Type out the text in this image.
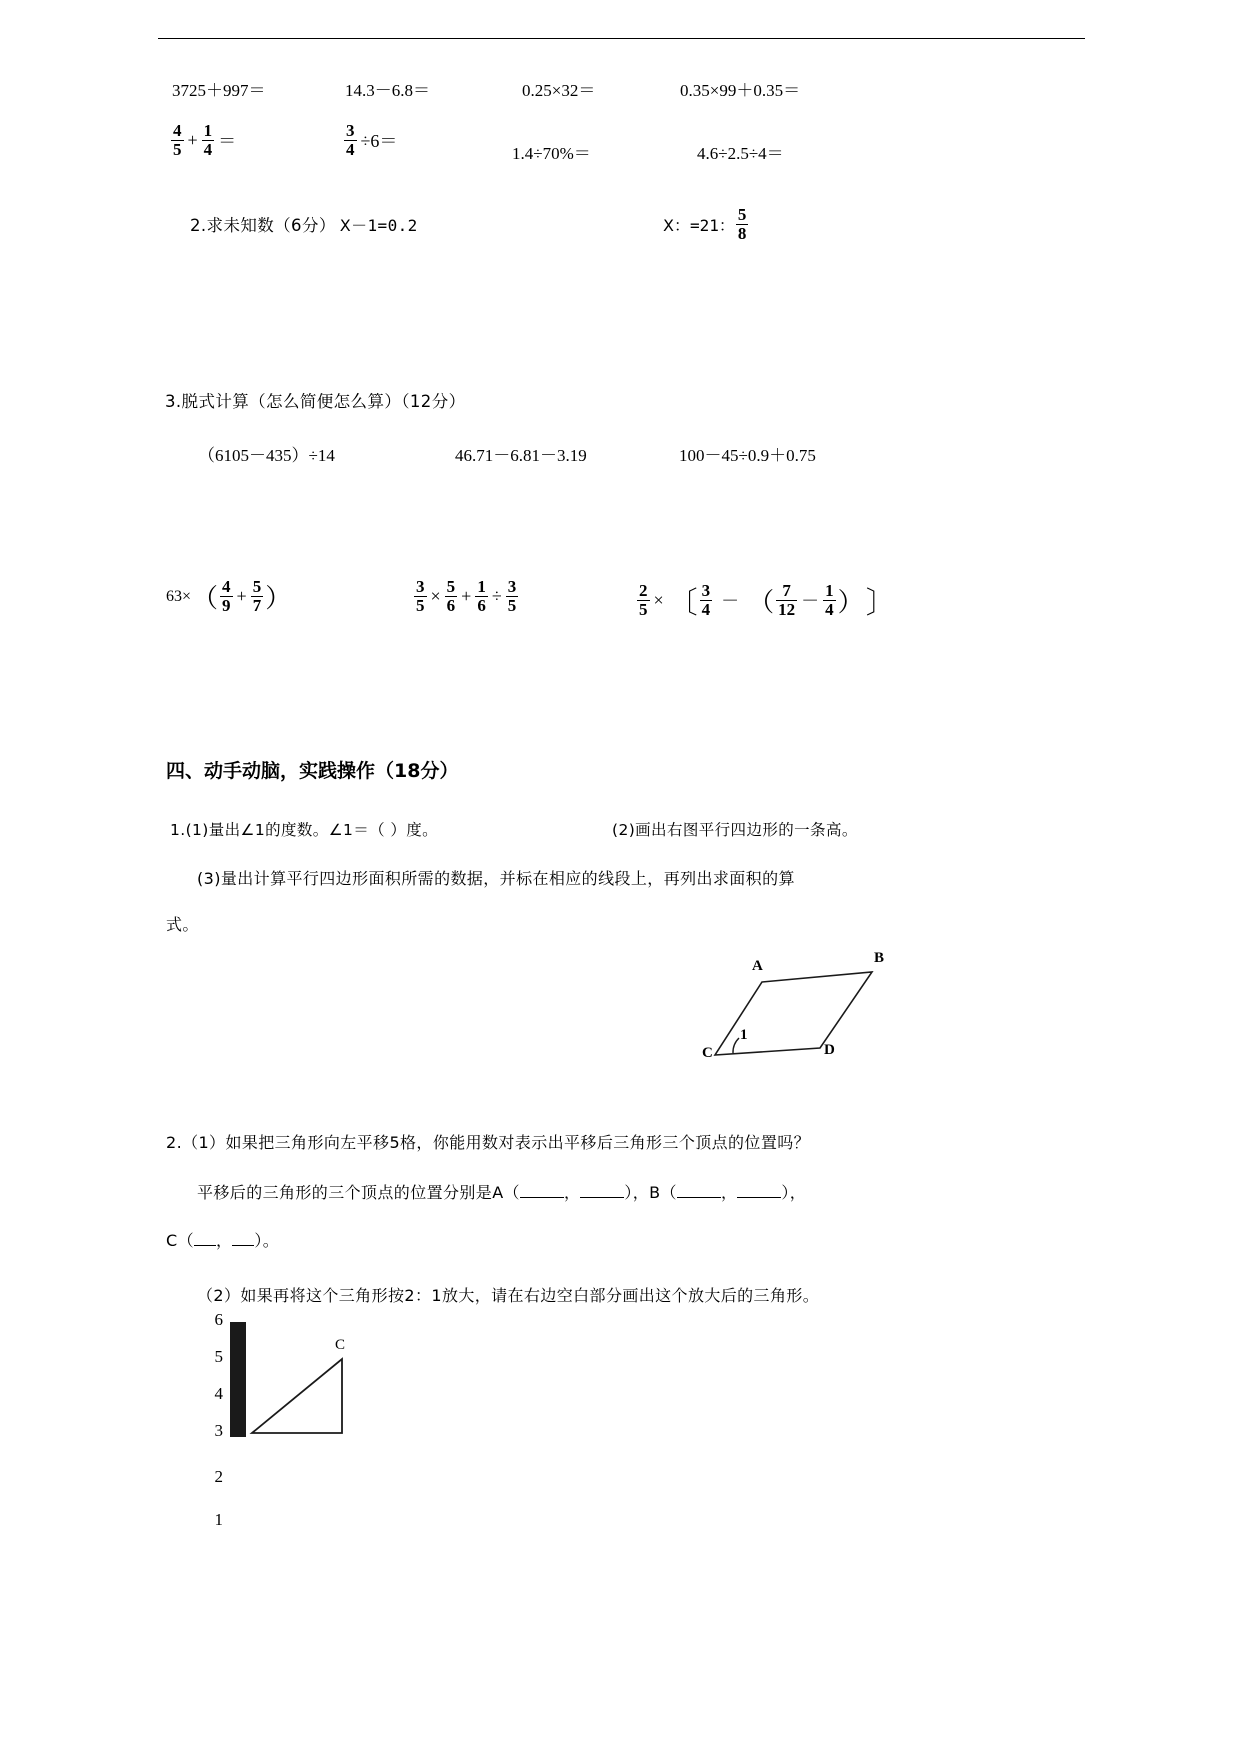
3725＋997＝	14.3－6.8＝	0.25×32＝	0.35×99＋0.35＝
$\frac{4}{5} + \frac{1}{4}$ ＝	$\frac{3}{4} \div 6=$
1.4÷70%＝	4.6÷2.5÷4＝
2.求未知数（6分） Ⅹ－1=0.2	Ⅹ：=21： $\frac{5}{8}$
3.脱式计算（怎么简便怎么算）（12分）
（6105－435）÷14	46.71－6.81－3.19	100－45÷0.9＋0.75
$63\times( \frac{4}{9} + \frac{5}{7}$ ）	$\frac{3}{5} \times \frac{5}{6} + \frac{1}{6} \div \frac{3}{5}$	$\frac{2}{5}$ × 〔 $\frac{3}{4}$ － （ $\frac{7}{12} - \frac{1}{4}$ ）〕
四、动手动脑，实践操作（18分）
1.(1)量出∠1的度数。∠1＝（ ）度。	(2)画出右图平行四边形的一条高。
(3)量出计算平行四边形面积所需的数据，并标在相应的线段上，再列出求面积的算
式。
A	B
C	D
1
2.（1）如果把三角形向左平移5格，你能用数对表示出平移后三角形三个顶点的位置吗？
平移后的三角形的三个顶点的位置分别是A（	，	），B（	，	），
C（ ， ）。
（2）如果再将这个三角形按2：1放大，请在右边空白部分画出这个放大后的三角形。
6
5
4
3
2
1

C
